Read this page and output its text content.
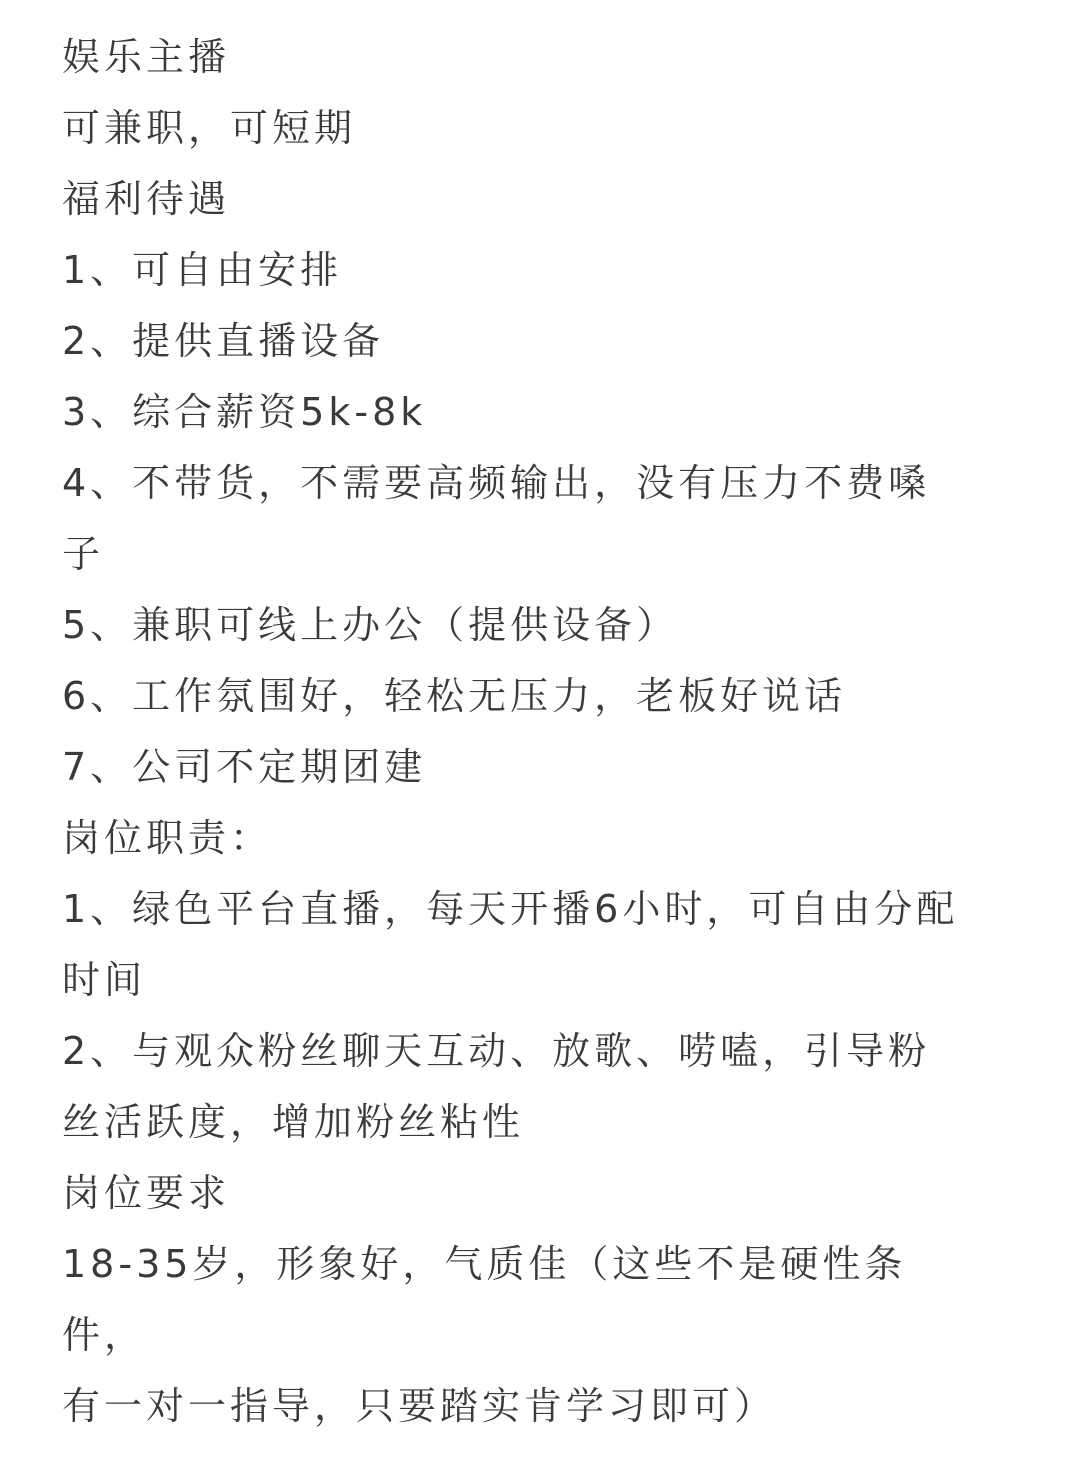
娱乐主播
可兼职，可短期
福利待遇
1、可自由安排
2、提供直播设备
3、综合薪资5k-8k
4、不带货，不需要高频输出，没有压力不费嗓
子
5、兼职可线上办公（提供设备）
6、工作氛围好，轻松无压力，老板好说话
7、公司不定期团建
岗位职责：
1、绿色平台直播，每天开播6小时，可自由分配
时间
2、与观众粉丝聊天互动、放歌、唠嗑，引导粉
丝活跃度，增加粉丝粘性
岗位要求
18-35岁，形象好，气质佳（这些不是硬性条
件，
有一对一指导，只要踏实肯学习即可）
